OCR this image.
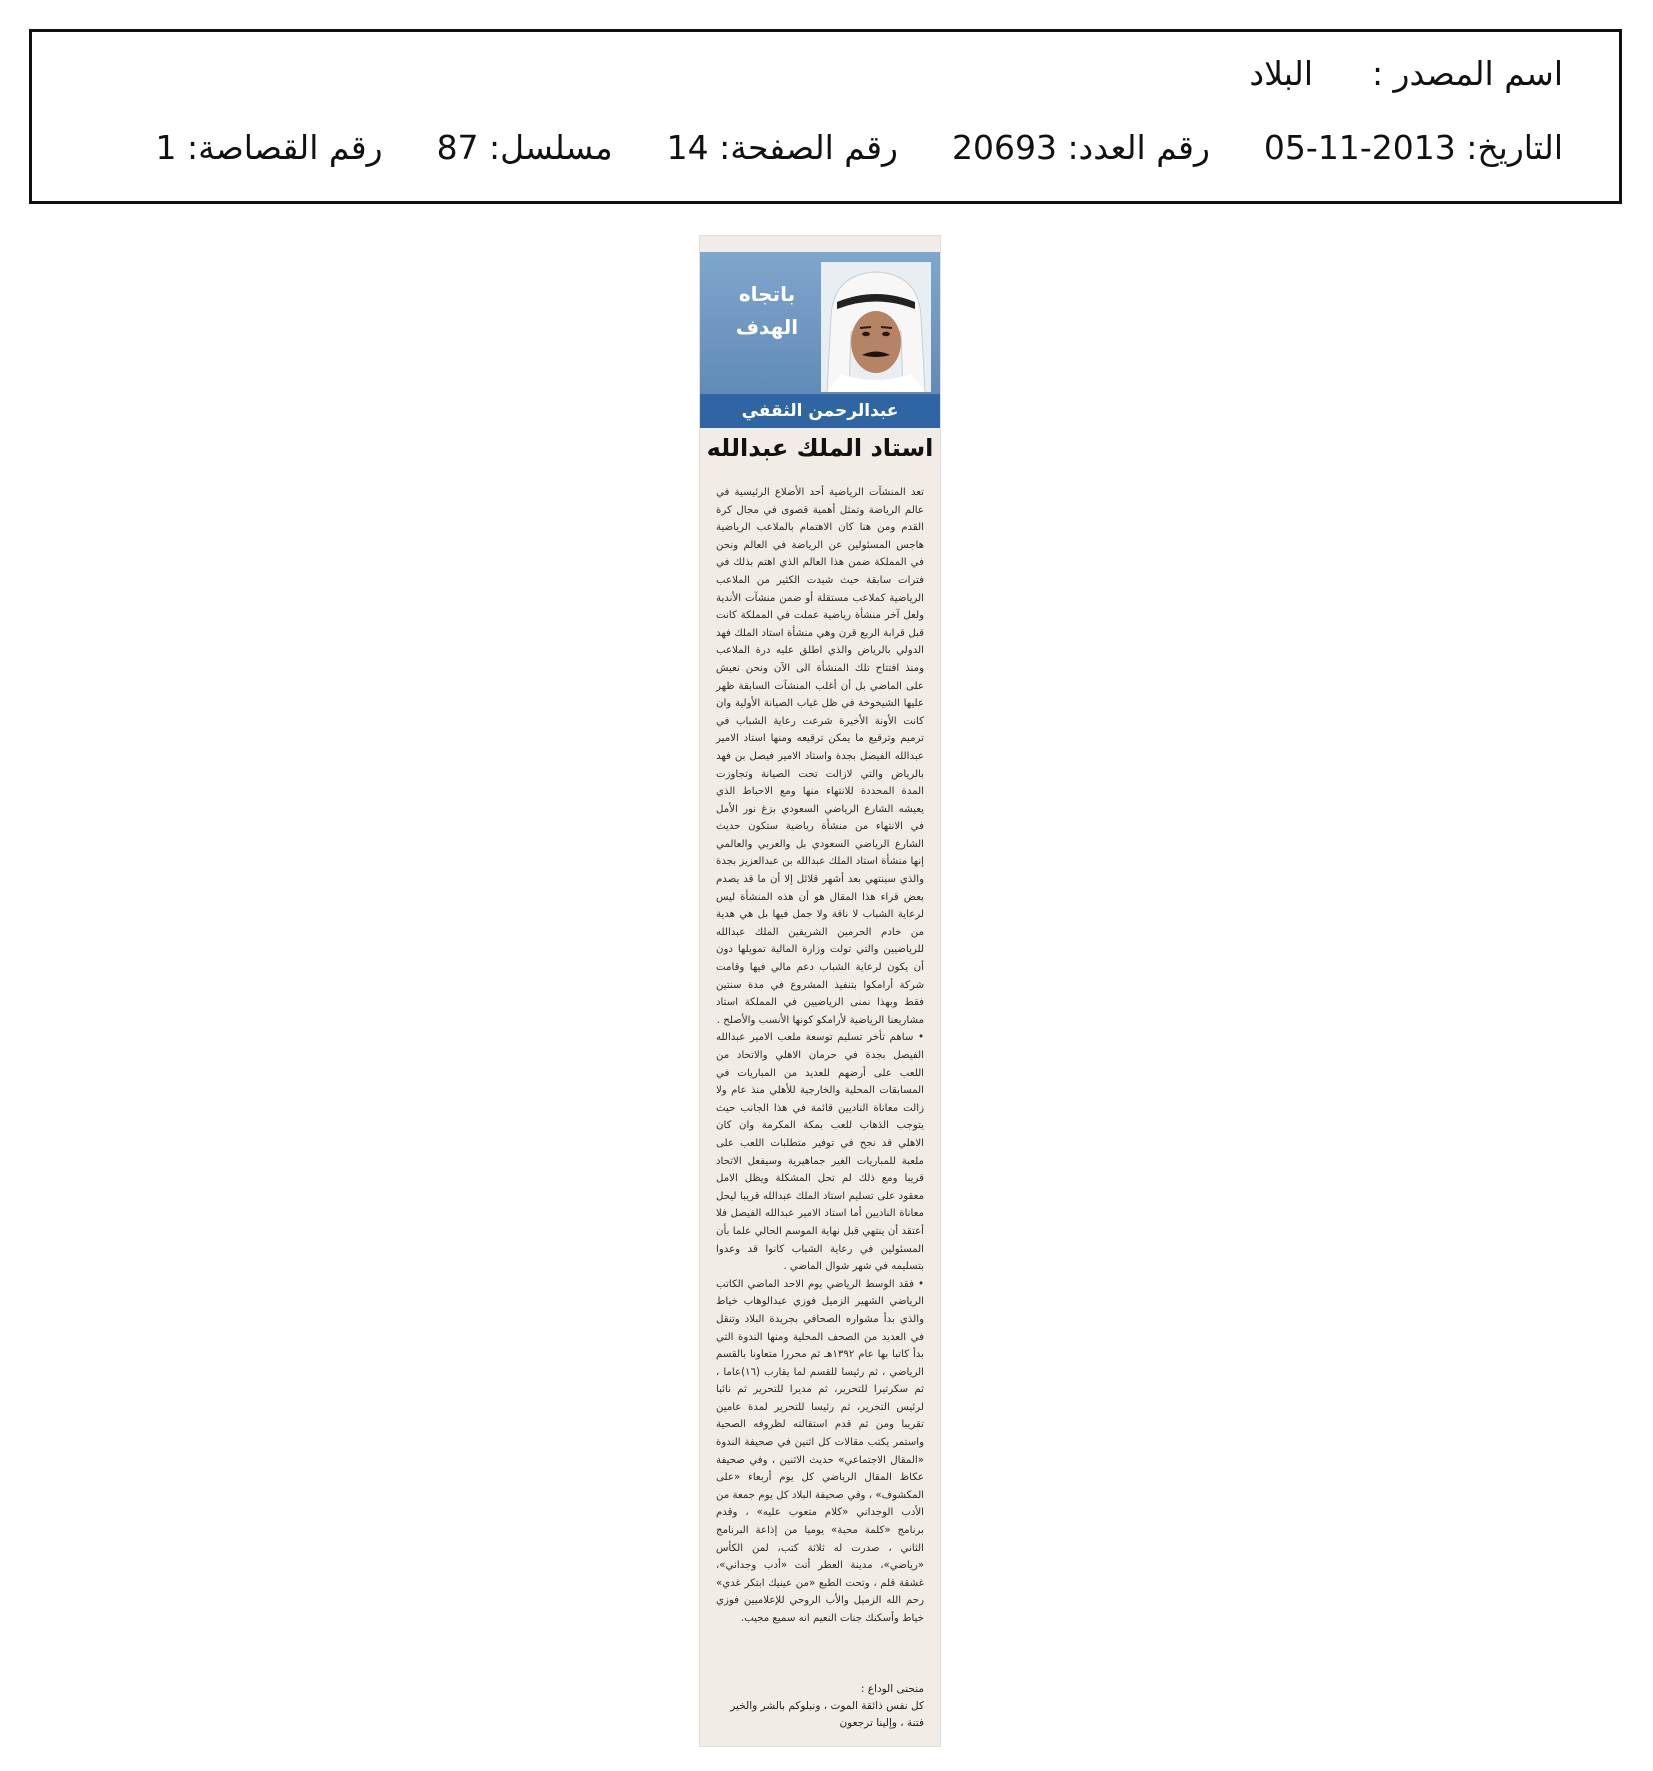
اسم المصدر :
البلاد
التاريخ: 2013-11-05
رقم العدد: 20693
رقم الصفحة: 14
مسلسل: 87
رقم القصاصة: 1
باتجاه
الهدف
عبدالرحمن الثقفي
استاد الملك عبدالله

تعد المنشآت الرياضية أحد الأضلاع الرئيسية في عالم الرياضة وتمثل أهمية قصوى في مجال كرة القدم ومن هنا كان الاهتمام بالملاعب الرياضية هاجس المسئولين عن الرياضة في العالم ونحن في المملكة ضمن هذا العالم الذي اهتم بذلك في فترات سابقة حيث شيدت الكثير من الملاعب الرياضية كملاعب مستقلة أو ضمن منشآت الأندية ولعل آخر منشأة رياضية عملت في المملكة كانت قبل قرابة الربع قرن وهي منشأة استاد الملك فهد الدولي بالرياض والذي اطلق عليه درة الملاعب ومنذ افتتاح تلك المنشأة الى الآن ونحن نعيش على الماضي بل أن أغلب المنشآت السابقة ظهر عليها الشيخوخة في ظل غياب الصيانة الأولية وان كانت الأونة الأخيرة شرعت رعاية الشباب في ترميم وترقيع ما يمكن ترقيعه ومنها استاد الامير عبدالله الفيصل بجدة واستاد الامير فيصل بن فهد بالرياض والتي لازالت تحت الصيانة وتجاوزت المدة المحددة للانتهاء منها ومع الاحباط الذي يعيشه الشارع الرياضي السعودي بزغ نور الأمل في الانتهاء من منشأة رياضية ستكون حديث الشارع الرياضي السعودي بل والعربي والعالمي إنها منشأة استاد الملك عبدالله بن عبدالعزيز بجدة والذي سينتهي بعد أشهر قلائل إلا أن ما قد يصدم بعض قراء هذا المقال هو أن هذه المنشأة ليس لرعاية الشباب لا ناقة ولا جمل فيها بل هي هدية من خادم الحرمين الشريفين الملك عبدالله للرياضيين والتي تولت وزارة المالية تمويلها دون أن يكون لرعاية الشباب دعم مالي فيها وقامت شركة أرامكوا بتنفيذ المشروع في مدة سنتين فقط وبهذا نمنى الرياضيين في المملكة استاد مشاريعنا الرياضية لأرامكو كونها الأنسب والأصلح .

• ساهم تأخر تسليم توسعة ملعب الامير عبدالله الفيصل بجدة في حرمان الاهلي والاتحاد من اللعب على أرضهم للعديد من المباريات في المسابقات المحلية والخارجية للأهلي منذ عام ولا زالت معاناة الناديين قائمة في هذا الجانب حيث يتوجب الذهاب للعب بمكة المكرمة وان كان الاهلي قد نجح في توفير متطلبات اللعب على ملعبة للمباريات الغير جماهيرية وسيفعل الاتحاد قريبا ومع ذلك لم تحل المشكلة ويظل الامل معقود على تسليم استاد الملك عبدالله قريبا ليحل معاناة الناديين أما استاد الامير عبدالله الفيصل فلا أعتقد أن ينتهي قبل نهاية الموسم الحالي علما بأن المسئولين في رعاية الشباب كانوا قد وعدوا بتسليمه في شهر شوال الماضي .

• فقد الوسط الرياضي يوم الاحد الماضي الكاتب الرياضي الشهير الزميل فوزي عبدالوهاب خياط والذي بدأ مشواره الصحافي بجريدة البلاد وتنقل في العديد من الصحف المحلية ومنها الندوة التي بدأ كاتبا بها عام ١٣٩٢هـ ثم محررا متعاونا بالقسم الرياضي ، ثم رئيسا للقسم لما يقارب (١٦)عاما ، ثم سكرتيرا للتحرير، ثم مديرا للتحرير ثم نائبا لرئيس التحرير، ثم رئيسا للتحرير لمدة عامين تقريبا ومن ثم قدم استقالته لظروفه الصحية واستمر يكتب مقالات كل اثنين في صحيفة الندوة «المقال الاجتماعي» حديث الاثنين ، وفي صحيفة عكاظ المقال الرياضي كل يوم أربعاء «على المكشوف» ، وفي صحيفة البلاد كل يوم جمعة من الأدب الوجداني «كلام متعوب عليه» ، وقدم برنامج «كلمة محبة» يوميا من إذاعة البرنامج الثاني ، صدرت له ثلاثة كتب، لمن الكأس «رياضي»، مدينة العطر أنت «أدب وجداني»، غشقة قلم ، وتحت الطبع «من عينيك ابتكر غدي» رحم الله الزميل والأب الروحي للإعلاميين فوزي خياط وأسكنك جنات النعيم انه سميع مجيب.

منحنى الوداع :
كل نفس ذائقة الموت ، ونبلوكم بالشر والخير فتنة ، وإلينا ترجعون
